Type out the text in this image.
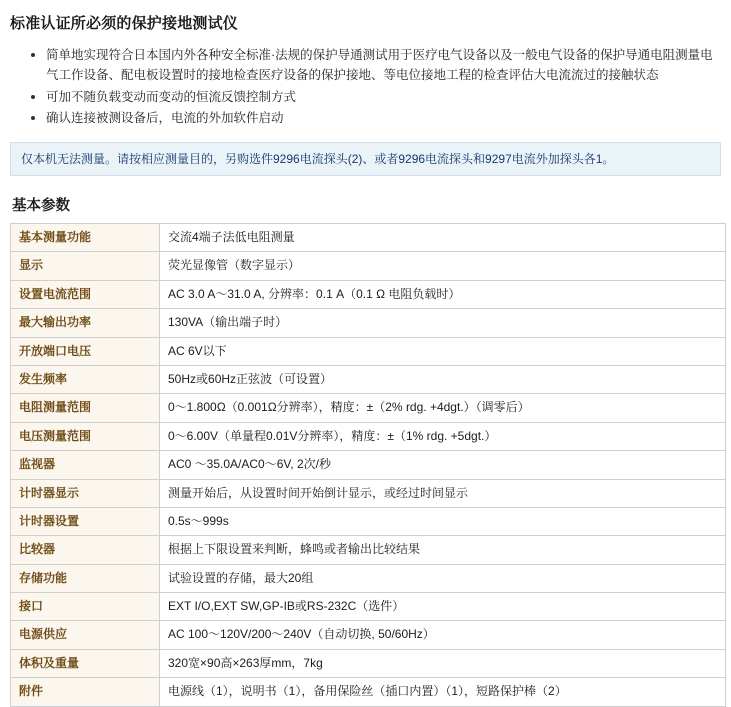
标准认证所必须的保护接地测试仪
简单地实现符合日本国内外各种安全标准·法规的保护导通测试用于医疗电气设备以及一般电气设备的保护导通电阻测量电气工作设备、配电板设置时的接地检查医疗设备的保护接地、等电位接地工程的检查评估大电流流过的接触状态
可加不随负载变动而变动的恒流反馈控制方式
确认连接被测设备后，电流的外加软件启动
仅本机无法测量。请按相应测量目的，另购选件9296电流探头(2)、或者9296电流探头和9297电流外加探头各1。
基本参数
基本测量功能	交流4端子法低电阻测量
显示	荧光显像管（数字显示）
设置电流范围	AC 3.0 A～31.0 A, 分辨率：0.1 A（0.1 Ω 电阻负载时）
最大输出功率	130VA（输出端子时）
开放端口电压	AC 6V以下
发生频率	50Hz或60Hz正弦波（可设置）
电阻测量范围	0～1.800Ω（0.001Ω分辨率），精度：±（2% rdg. +4dgt.）（调零后）
电压测量范围	0～6.00V（单量程0.01V分辨率），精度：±（1% rdg. +5dgt.）
监视器	AC0 ～35.0A/AC0～6V, 2次/秒
计时器显示	测量开始后，从设置时间开始倒计显示，或经过时间显示
计时器设置	0.5s～999s
比较器	根据上下限设置来判断，蜂鸣或者输出比较结果
存储功能	试验设置的存储，最大20组
接口	EXT I/O,EXT SW,GP-IB或RS-232C（选件）
电源供应	AC 100～120V/200～240V（自动切换, 50/60Hz）
体积及重量	320宽×90高×263厚mm，7kg
附件	电源线（1），说明书（1），备用保险丝（插口内置）（1），短路保护棒（2）
